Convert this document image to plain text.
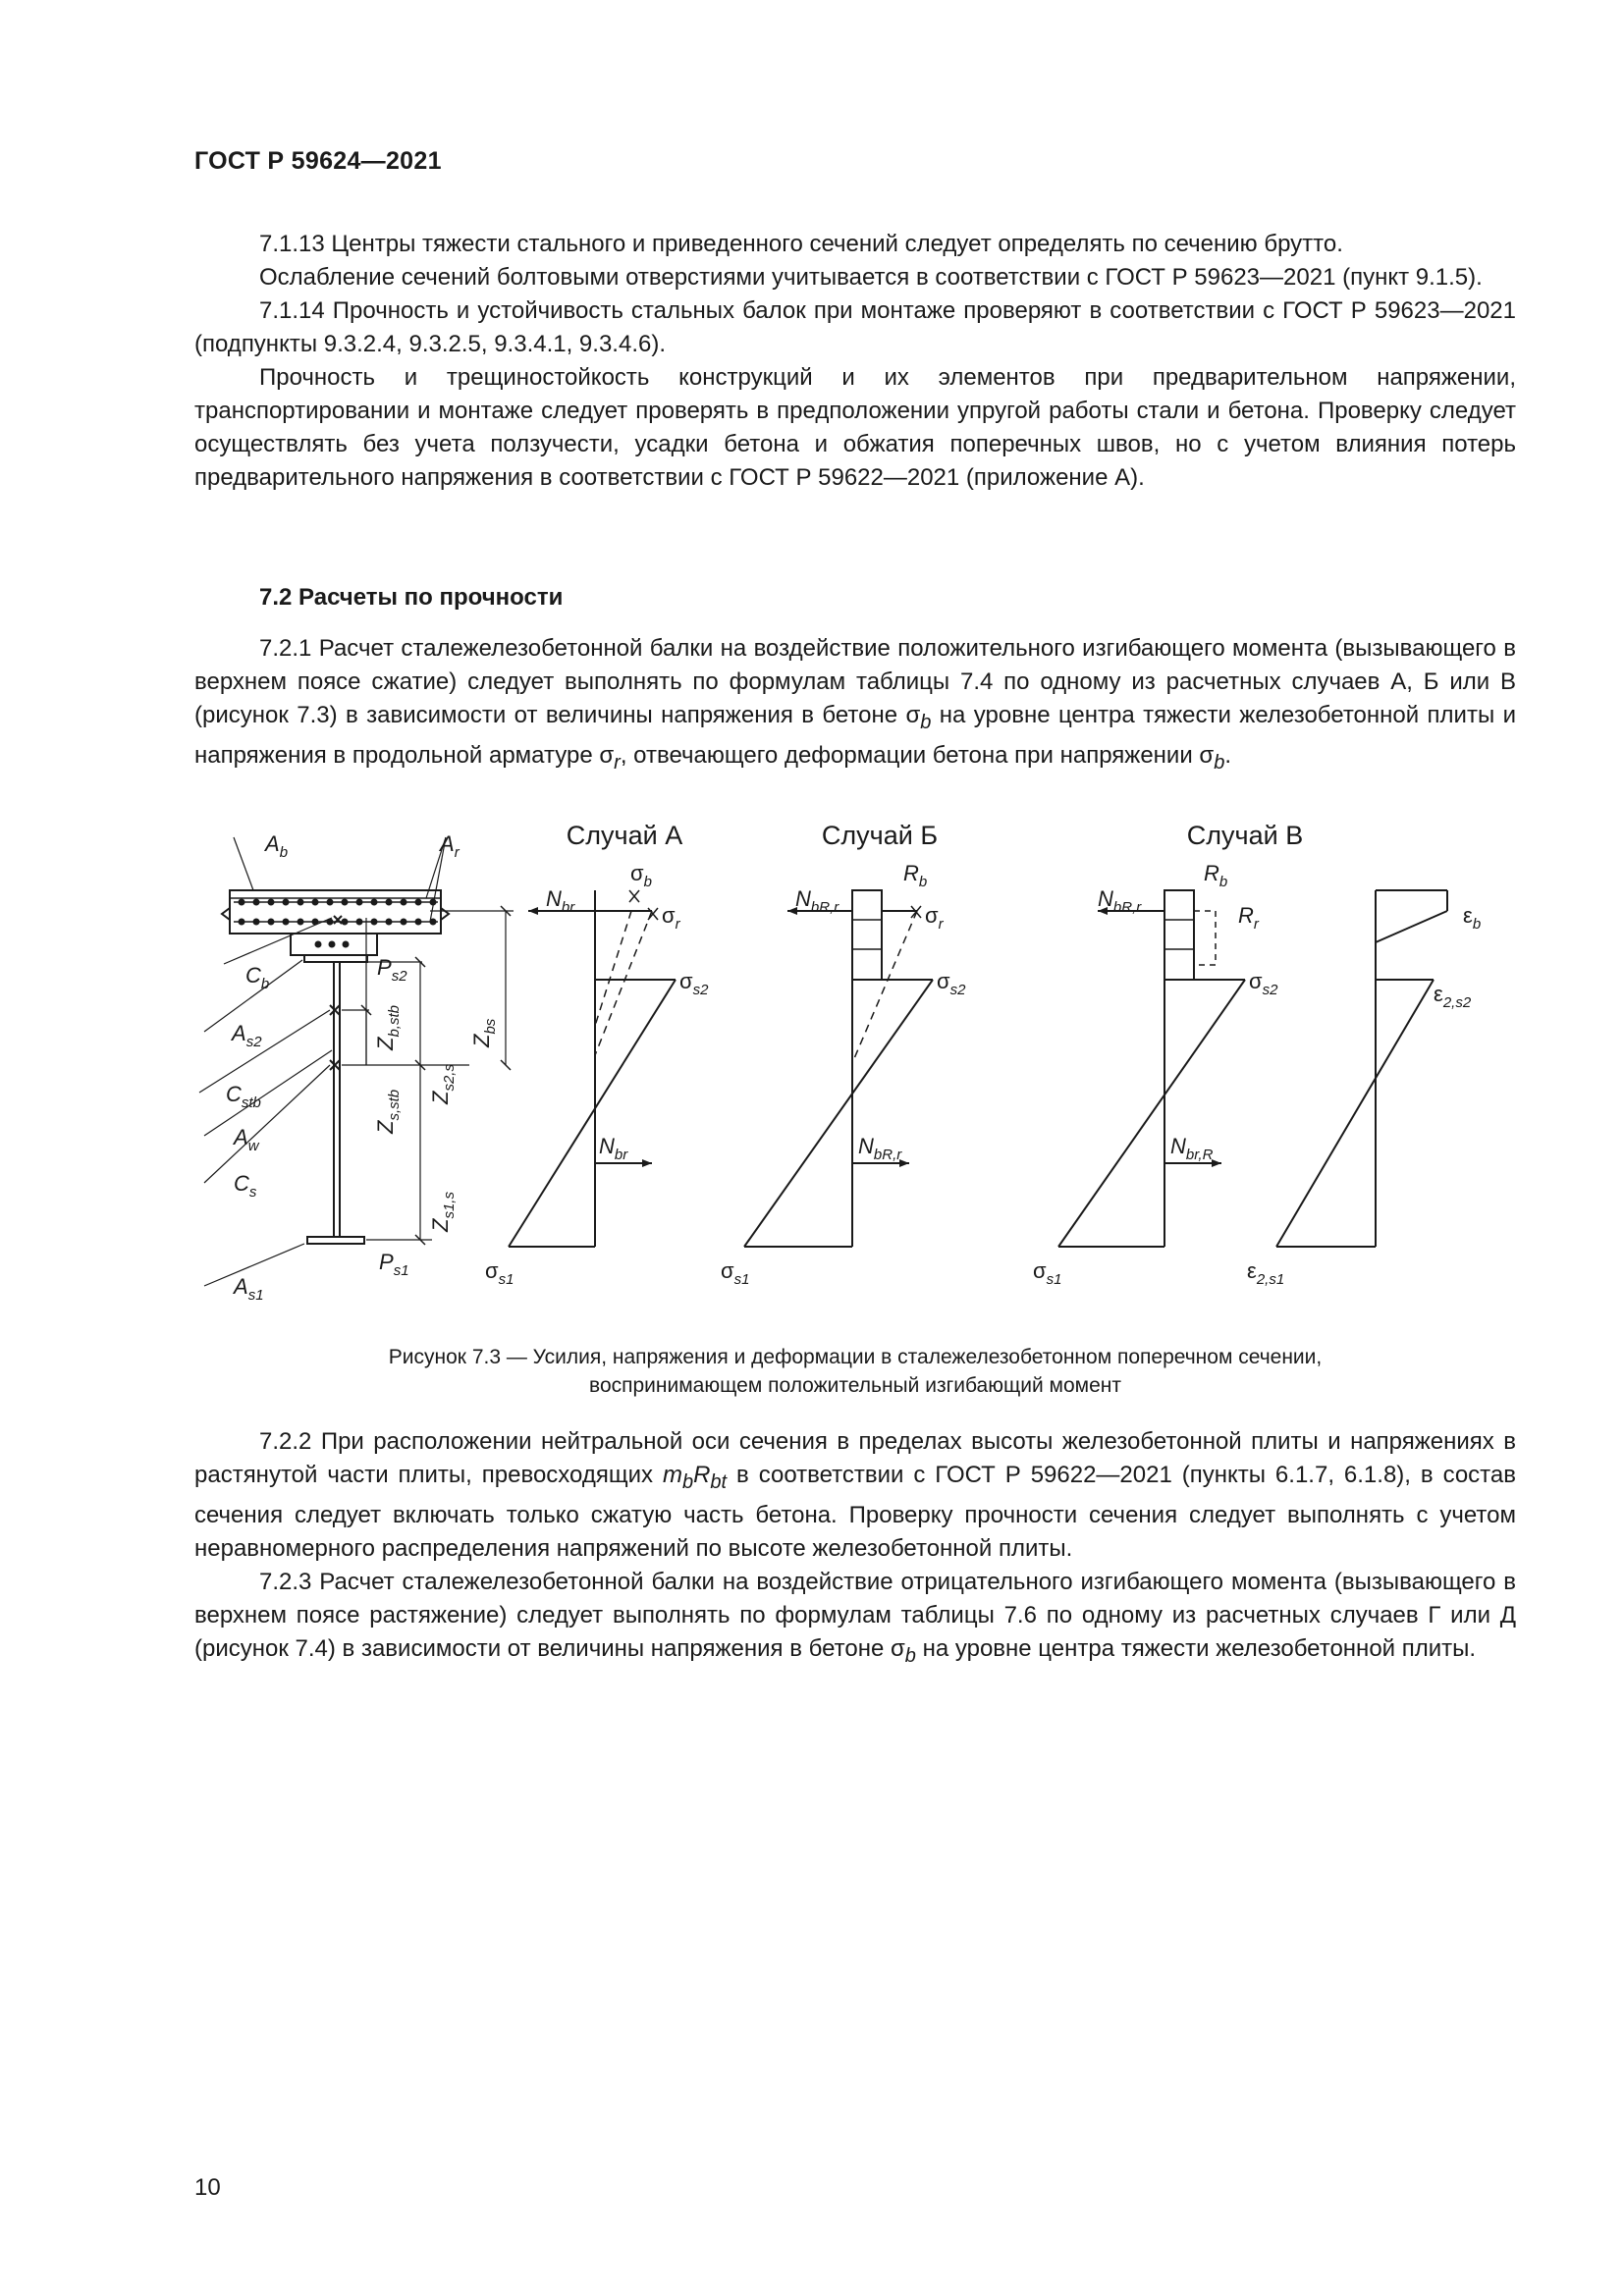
ГОСТ Р 59624—2021

7.1.13 Центры тяжести стального и приведенного сечений следует определять по сечению брутто.

Ослабление сечений болтовыми отверстиями учитывается в соответствии с ГОСТ Р 59623—2021 (пункт 9.1.5).

7.1.14 Прочность и устойчивость стальных балок при монтаже проверяют в соответствии с ГОСТ Р 59623—2021 (подпункты 9.3.2.4, 9.3.2.5, 9.3.4.1, 9.3.4.6).

Прочность и трещиностойкость конструкций и их элементов при предварительном напряжении, транспортировании и монтаже следует проверять в предположении упругой работы стали и бетона. Проверку следует осуществлять без учета ползучести, усадки бетона и обжатия поперечных швов, но с учетом влияния потерь предварительного напряжения в соответствии с ГОСТ Р 59622—2021 (приложение А).

7.2 Расчеты по прочности

7.2.1 Расчет сталежелезобетонной балки на воздействие положительного изгибающего момента (вызывающего в верхнем поясе сжатие) следует выполнять по формулам таблицы 7.4 по одному из расчетных случаев А, Б или В (рисунок 7.3) в зависимости от величины напряжения в бетоне $\sigma_b$ на уровне центра тяжести железобетонной плиты и напряжения в продольной арматуре $\sigma_r$, отвечающего деформации бетона при напряжении $\sigma_b$.

Случай А	Случай Б	Случай В
$A_b$	$A_r$
$C_b$
$P_{s2}$
$A_{s2}$
$C_{stb}$
$A_w$
$C_s$
$A_{s1}$
$P_{s1}$
$Z_{b,stb}$
$Z_{s,stb}$ $Z_{s2,s}$
$Z_{bs}$
$Z_{s1,s}$
$N_{br}$
$\sigma_b$
$\sigma_r$
$\sigma_{s2}$
$N_{br}$
$\sigma_{s1}$
$N_{bR,r}$
$R_b$
$\sigma_r$
$\sigma_{s2}$
$N_{bR,r}$
$\sigma_{s1}$
$N_{bR,r}$
$R_b$
$R_r$
$\sigma_{s2}$
$N_{br,R}$
$\sigma_{s1}$
$\varepsilon_b$
$\varepsilon_{2,s2}$
$\varepsilon_{2,s1}$
Рисунок 7.3 — Усилия, напряжения и деформации в сталежелезобетонном поперечном сечении,
воспринимающем положительный изгибающий момент

7.2.2 При расположении нейтральной оси сечения в пределах высоты железобетонной плиты и напряжениях в растянутой части плиты, превосходящих $m_bR_{bt}$ в соответствии с ГОСТ Р 59622—2021 (пункты 6.1.7, 6.1.8), в состав сечения следует включать только сжатую часть бетона. Проверку прочности сечения следует выполнять с учетом неравномерного распределения напряжений по высоте железобетонной плиты.

7.2.3 Расчет сталежелезобетонной балки на воздействие отрицательного изгибающего момента (вызывающего в верхнем поясе растяжение) следует выполнять по формулам таблицы 7.6 по одному из расчетных случаев Г или Д (рисунок 7.4) в зависимости от величины напряжения в бетоне $\sigma_b$ на уровне центра тяжести железобетонной плиты.

10
